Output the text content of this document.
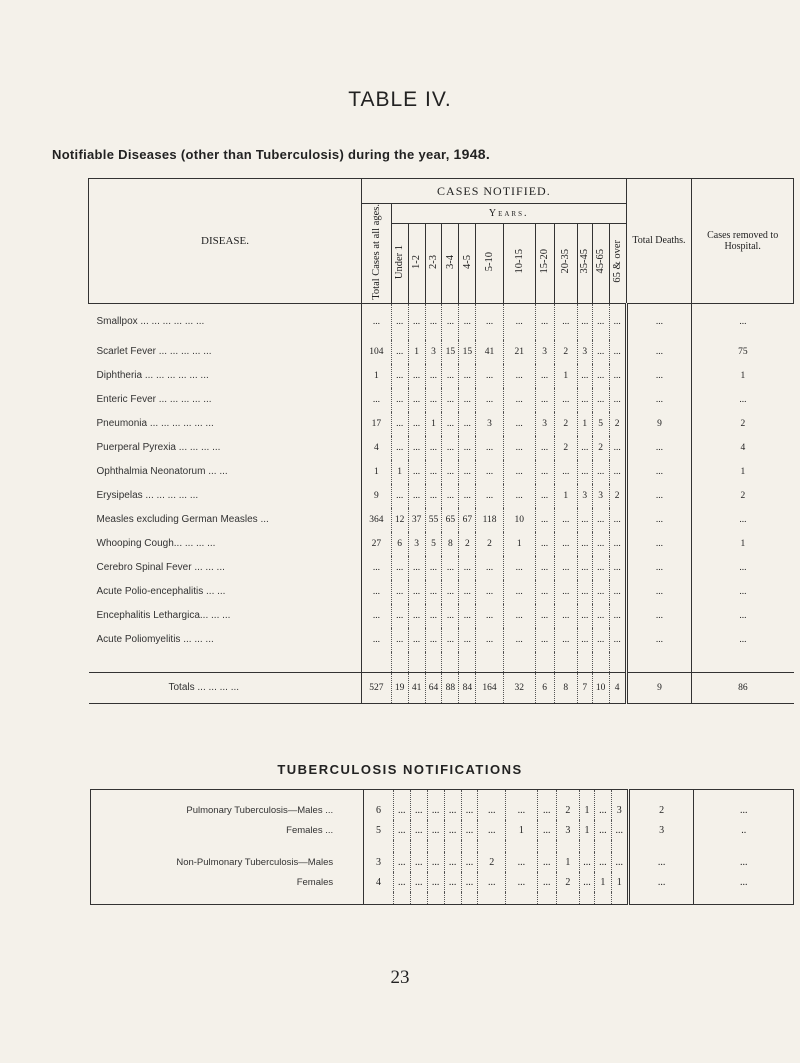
TABLE IV.
Notifiable Diseases (other than Tuberculosis) during the year, 1948.
DISEASE.	CASES NOTIFIED.													Total Deaths.	Cases removed to Hospital.
	Total Cases at all ages.	Years.													
		Under 1	1-2	2-3	3-4	4-5	5-10	10-15	15-20	20-35	35-45	45-65	65 & over		
Smallpox ... ... ... ... ... ...	...	...	...	...	...	...	...	...	...	...	...	...	...	...	...
Scarlet Fever ... ... ... ... ...	104	...	1	3	15	15	41	21	3	2	3	...	...	...	75
Diphtheria ... ... ... ... ... ...	1	...	...	...	...	...	...	...	...	1	...	...	...	...	1
Enteric Fever ... ... ... ... ...	...	...	...	...	...	...	...	...	...	...	...	...	...	...	...
Pneumonia ... ... ... ... ... ...	17	...	...	1	...	...	3	...	3	2	1	5	2	9	2
Puerperal Pyrexia ... ... ... ...	4	...	...	...	...	...	...	...	...	2	...	2	...	...	4
Ophthalmia Neonatorum ... ...	1	1	...	...	...	...	...	...	...	...	...	...	...	...	1
Erysipelas ... ... ... ... ...	9	...	...	...	...	...	...	...	...	1	3	3	2	...	2
Measles excluding German Measles ...	364	12	37	55	65	67	118	10	...	...	...	...	...	...	...
Whooping Cough... ... ... ...	27	6	3	5	8	2	2	1	...	...	...	...	...	...	1
Cerebro Spinal Fever ... ... ...	...	...	...	...	...	...	...	...	...	...	...	...	...	...	...
Acute Polio-encephalitis ... ...	...	...	...	...	...	...	...	...	...	...	...	...	...	...	...
Encephalitis Lethargica... ... ...	...	...	...	...	...	...	...	...	...	...	...	...	...	...	...
Acute Poliomyelitis ... ... ...	...	...	...	...	...	...	...	...	...	...	...	...	...	...	...

Totals ... ... ... ...	527	19	41	64	88	84	164	32	6	8	7	10	4	9	86
TUBERCULOSIS NOTIFICATIONS
Pulmonary Tuberculosis—Males ...	6	...	...	...	...	...	...	...	...	2	1	...	3	2	...
Females ...	5	...	...	...	...	...	...	1	...	3	1	...	...	3	..

Non-Pulmonary Tuberculosis—Males	3	...	...	...	...	...	2	...	...	1	...	...	...	...	...
Females	4	...	...	...	...	...	...	...	...	2	...	1	1	...	...

23
